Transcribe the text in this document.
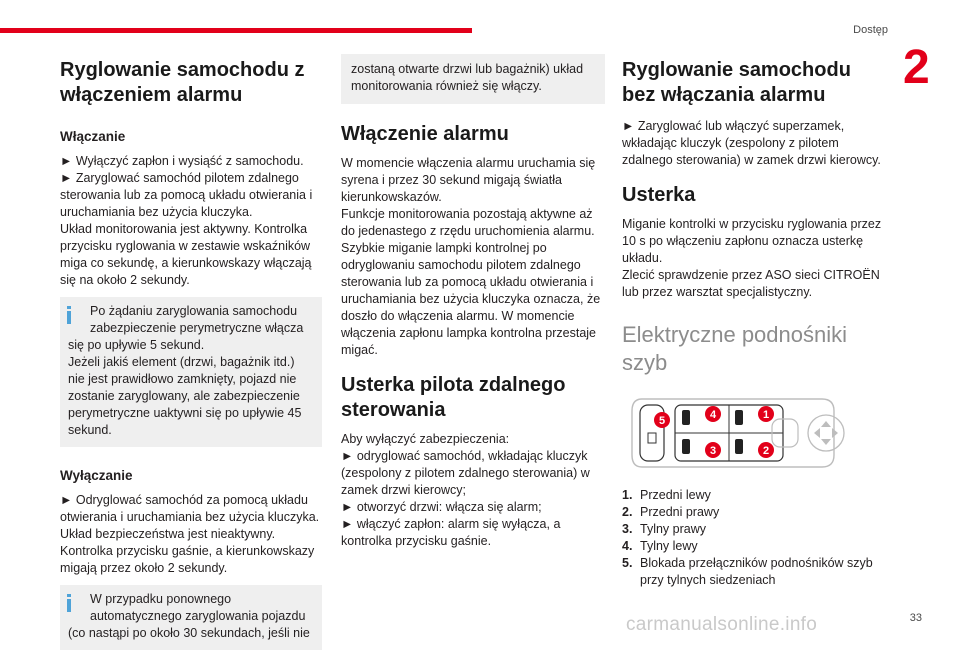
Dostęp
2
Ryglowanie samochodu z włączeniem alarmu
Włączanie
► Wyłączyć zapłon i wysiąść z samochodu.
► Zaryglować samochód pilotem zdalnego sterowania lub za pomocą układu otwierania i uruchamiania bez użycia kluczyka.
Układ monitorowania jest aktywny. Kontrolka przycisku ryglowania w zestawie wskaźników miga co sekundę, a kierunkowskazy włączają się na około 2 sekundy.
Po żądaniu zaryglowania samochodu zabezpieczenie perymetryczne włącza
się po upływie 5 sekund.
Jeżeli jakiś element (drzwi, bagażnik itd.) nie jest prawidłowo zamknięty, pojazd nie zostanie zaryglowany, ale zabezpieczenie perymetryczne uaktywni się po upływie 45 sekund.
Wyłączanie
► Odryglować samochód za pomocą układu otwierania i uruchamiania bez użycia kluczyka.
Układ bezpieczeństwa jest nieaktywny. Kontrolka przycisku gaśnie, a kierunkowskazy migają przez około 2 sekundy.
W przypadku ponownego automatycznego zaryglowania pojazdu
(co nastąpi po około 30 sekundach, jeśli nie
zostaną otwarte drzwi lub bagażnik) układ monitorowania również się włączy.
Włączenie alarmu
W momencie włączenia alarmu uruchamia się syrena i przez 30 sekund migają światła kierunkowskazów.
Funkcje monitorowania pozostają aktywne aż do jedenastego z rzędu uruchomienia alarmu.
Szybkie miganie lampki kontrolnej po odryglowaniu samochodu pilotem zdalnego sterowania lub za pomocą układu otwierania i uruchamiania bez użycia kluczyka oznacza, że doszło do włączenia alarmu. W momencie włączenia zapłonu lampka kontrolna przestaje migać.
Usterka pilota zdalnego sterowania
Aby wyłączyć zabezpieczenia:
► odryglować samochód, wkładając kluczyk (zespolony z pilotem zdalnego sterowania) w zamek drzwi kierowcy;
► otworzyć drzwi: włącza się alarm;
► włączyć zapłon: alarm się wyłącza, a kontrolka przycisku gaśnie.
Ryglowanie samochodu bez włączania alarmu
► Zaryglować lub włączyć superzamek, wkładając kluczyk (zespolony z pilotem zdalnego sterowania) w zamek drzwi kierowcy.
Usterka
Miganie kontrolki w przycisku ryglowania przez 10 s po włączeniu zapłonu oznacza usterkę układu.
Zlecić sprawdzenie przez ASO sieci CITROËN lub przez warsztat specjalistyczny.
Elektryczne podnośniki szyb
5	4
3
1
2
1. Przedni lewy
2. Przedni prawy
3. Tylny prawy
4. Tylny lewy
5. Blokada przełączników podnośników szyb przy tylnych siedzeniach
carmanualsonline.info	33
